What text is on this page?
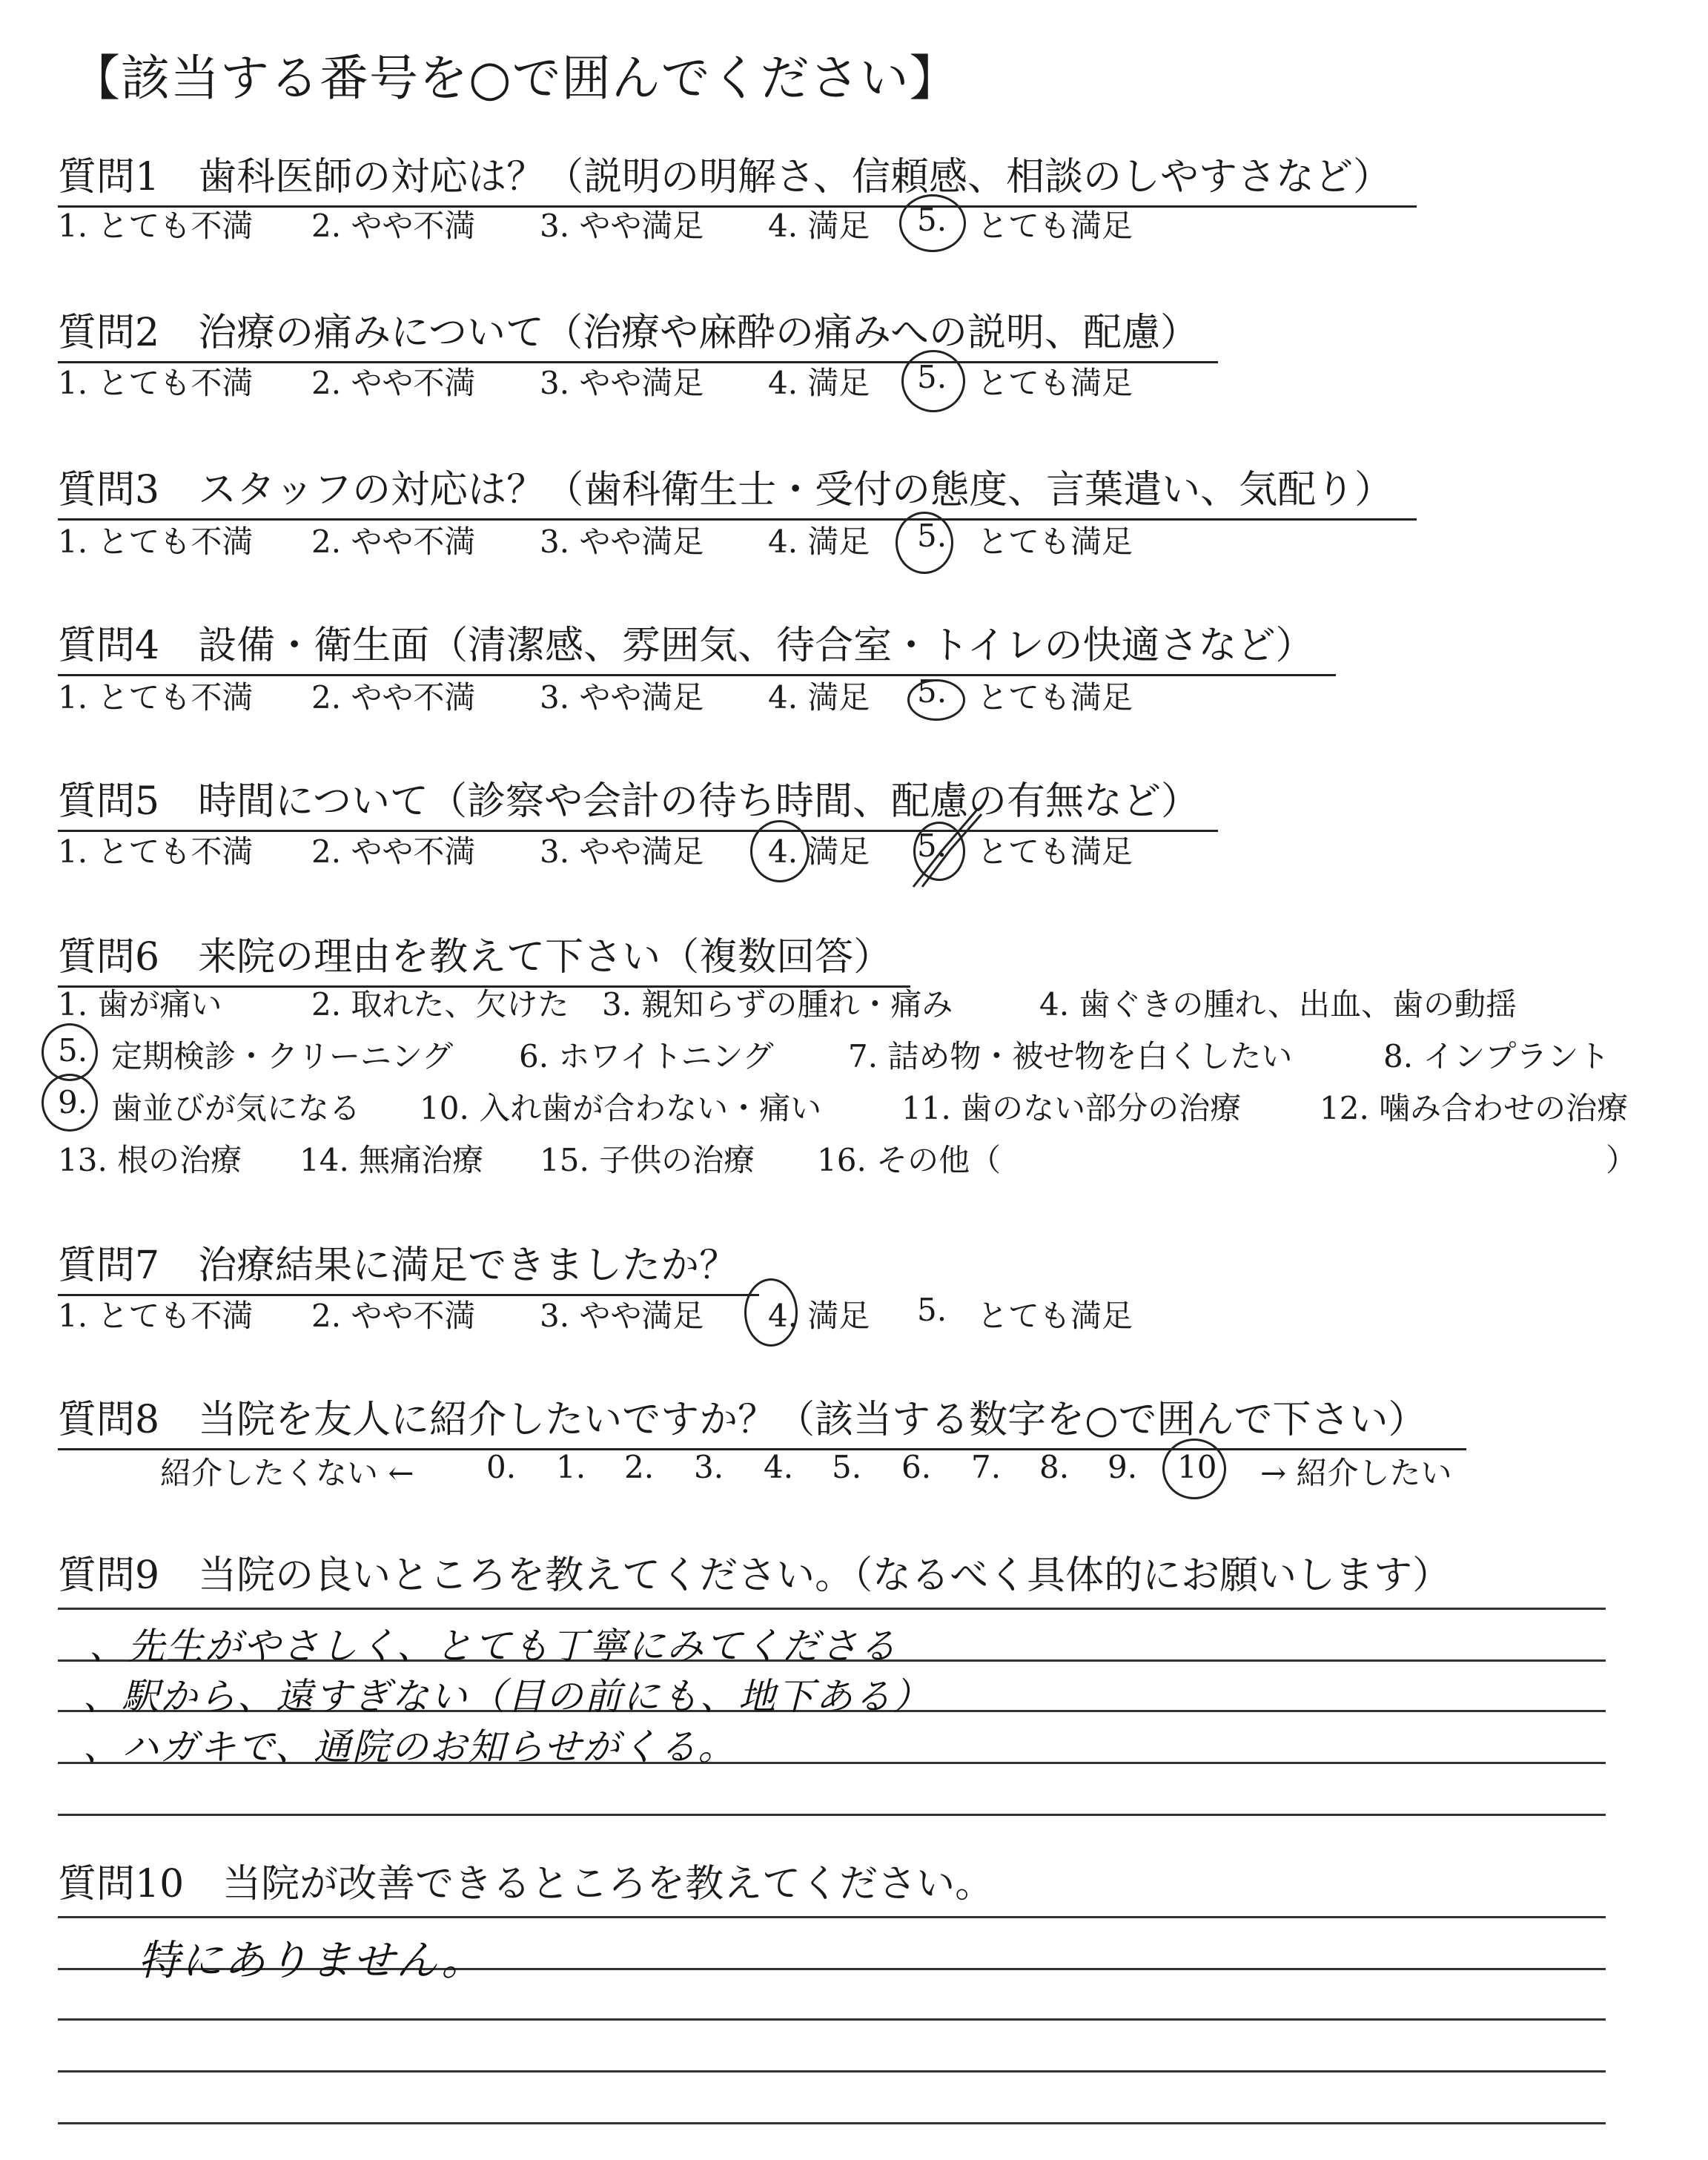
【該当する番号を○で囲んでください】
質問1　歯科医師の対応は？（説明の明解さ、信頼感、相談のしやすさなど）
1. とても不満 2. やや不満 3. やや満足 4. 満足 5. とても満足
質問2　治療の痛みについて（治療や麻酔の痛みへの説明、配慮）
1. とても不満 2. やや不満 3. やや満足 4. 満足 5. とても満足
質問3　スタッフの対応は？（歯科衛生士・受付の態度、言葉遣い、気配り）
1. とても不満 2. やや不満 3. やや満足 4. 満足 5. とても満足
質問4　設備・衛生面（清潔感、雰囲気、待合室・トイレの快適さなど）
1. とても不満 2. やや不満 3. やや満足 4. 満足 5. とても満足
質問5　時間について（診察や会計の待ち時間、配慮の有無など）
1. とても不満 2. やや不満 3. やや満足 4. 満足 5. とても満足
質問6　来院の理由を教えて下さい（複数回答）
1. 歯が痛い	2. 取れた、欠けた 3. 親知らずの腫れ・痛み	4. 歯ぐきの腫れ、出血、歯の動揺
5. 定期検診・クリーニング 6. ホワイトニング 7. 詰め物・被せ物を白くしたい	8. インプラント
9. 歯並びが気になる 10. 入れ歯が合わない・痛い	11. 歯のない部分の治療	12. 噛み合わせの治療
13. 根の治療 14. 無痛治療 15. 子供の治療 16. その他（	）
質問7　治療結果に満足できましたか？
1. とても不満 2. やや不満 3. やや満足 4. 満足 5. とても満足
質問8　当院を友人に紹介したいですか？（該当する数字を○で囲んで下さい）
紹介したくない ← 0. 1. 2. 3. 4. 5. 6. 7. 8. 9. 10 → 紹介したい
質問9　当院の良いところを教えてください。（なるべく具体的にお願いします）
、先生がやさしく、とても丁寧にみてくださる
、駅から、遠すぎない（目の前にも、地下ある）
、ハガキで、通院のお知らせがくる。
質問10　当院が改善できるところを教えてください。
特にありません。
